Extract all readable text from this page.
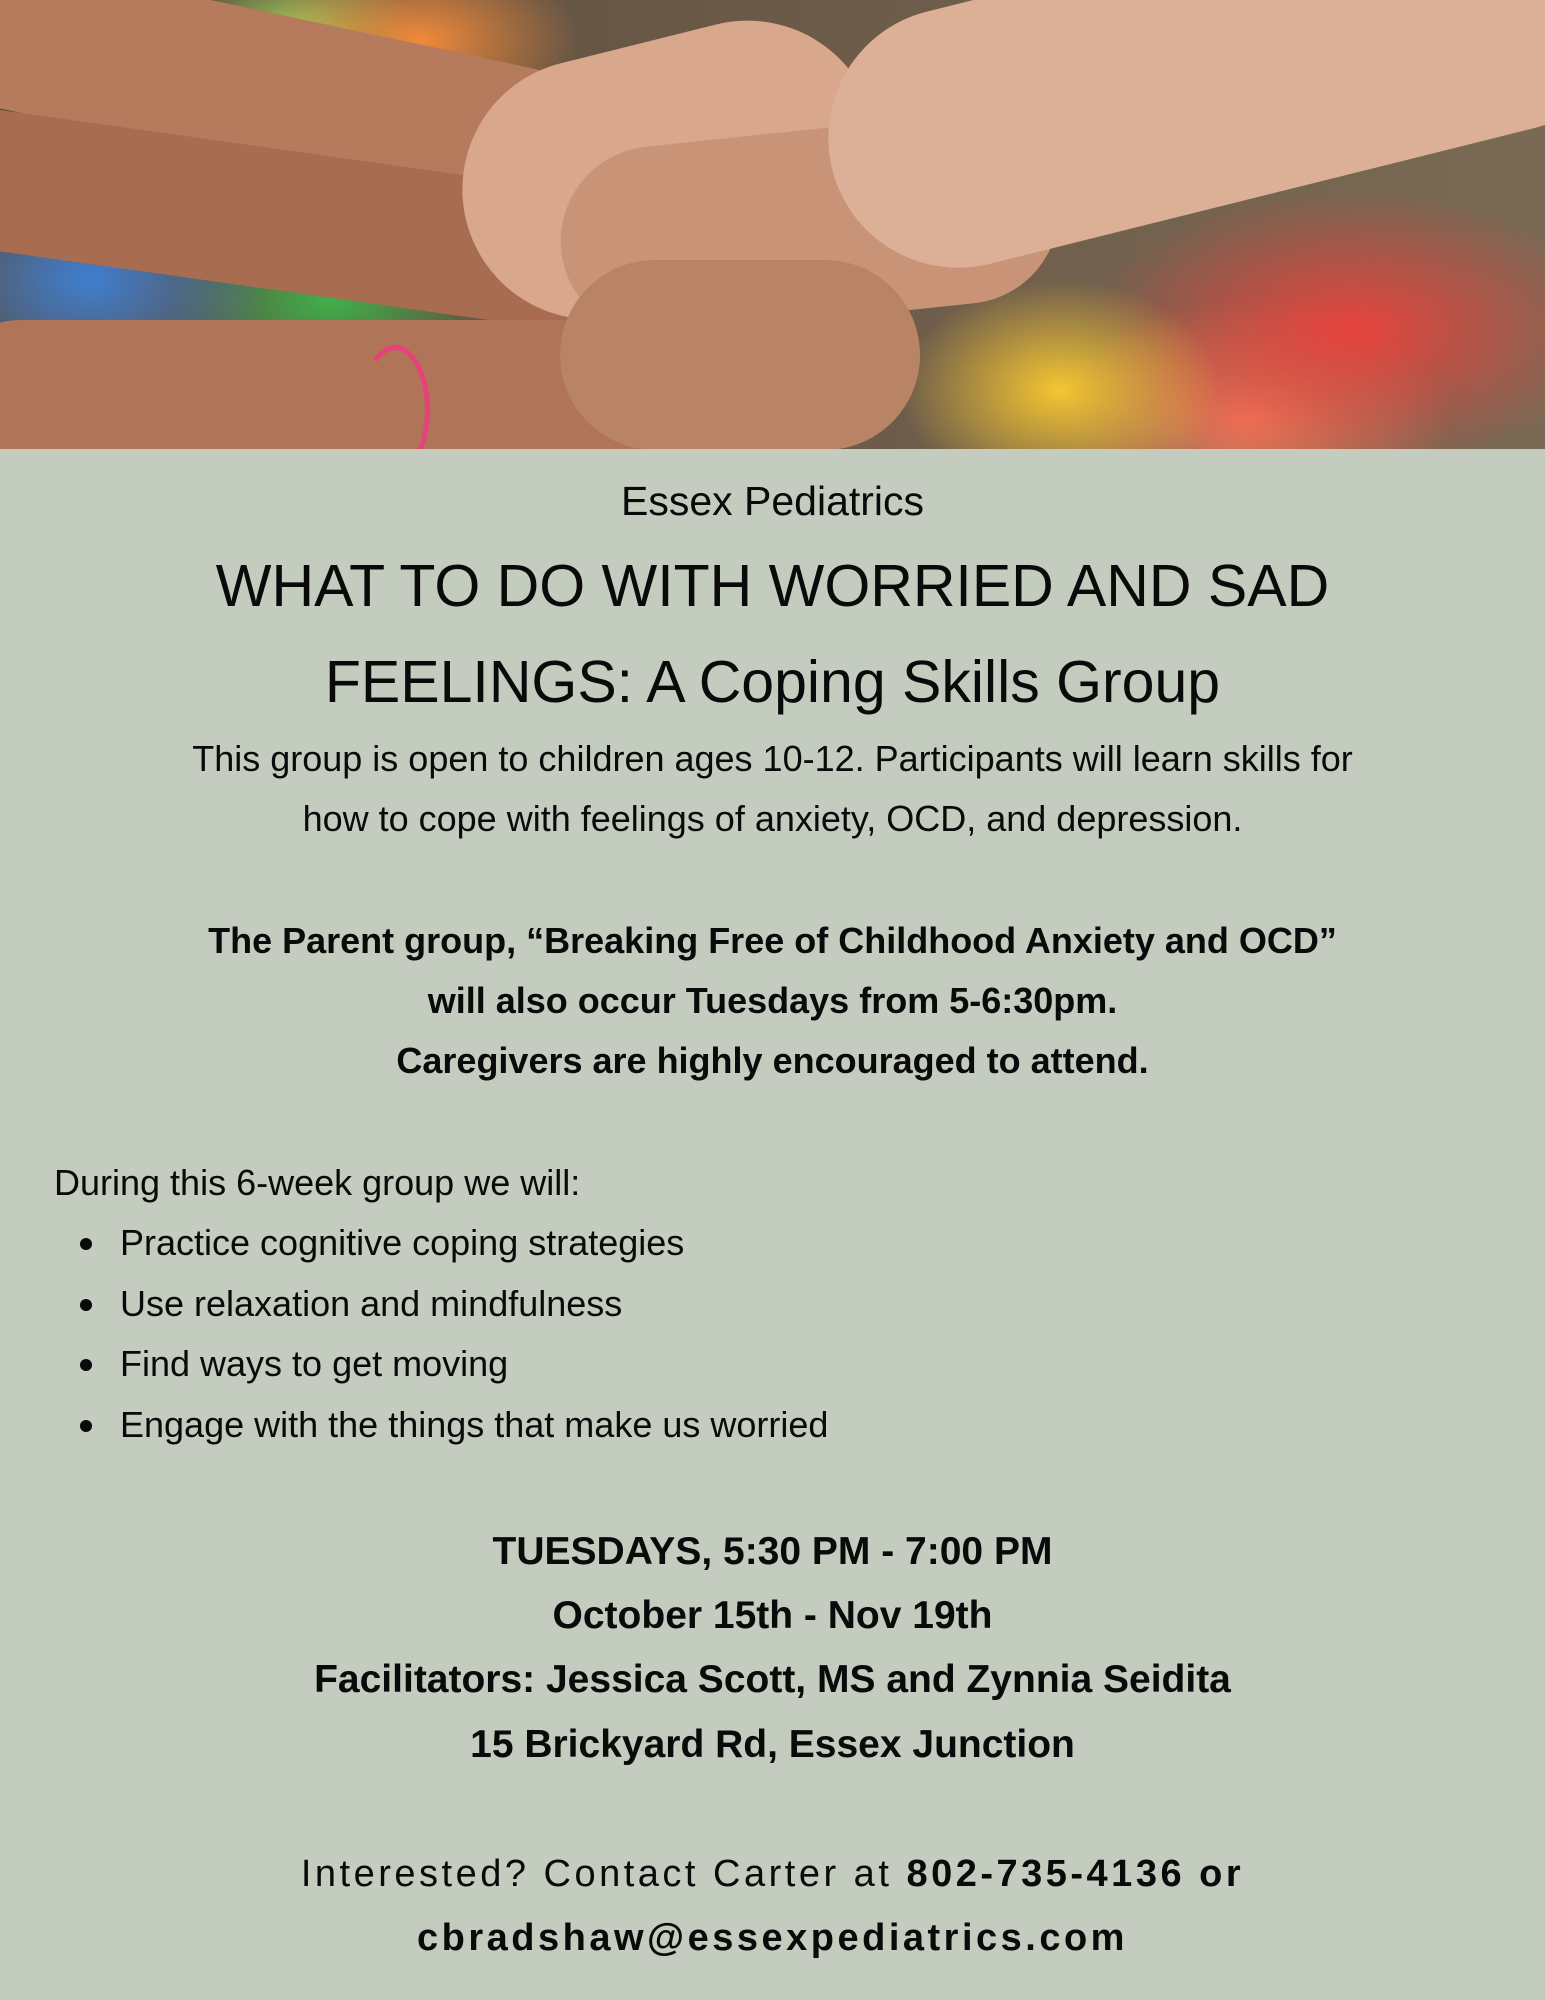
Essex Pediatrics
WHAT TO DO WITH WORRIED AND SAD
FEELINGS: A Coping Skills Group
This group is open to children ages 10-12. Participants will learn skills for
how to cope with feelings of anxiety, OCD, and depression.
The Parent group, “Breaking Free of Childhood Anxiety and OCD”
will also occur Tuesdays from 5-6:30pm.
Caregivers are highly encouraged to attend.
During this 6-week group we will:
Practice cognitive coping strategies
Use relaxation and mindfulness
Find ways to get moving
Engage with the things that make us worried
TUESDAYS, 5:30 PM - 7:00 PM
October 15th - Nov 19th
Facilitators: Jessica Scott, MS and Zynnia Seidita
15 Brickyard Rd, Essex Junction
Interested? Contact Carter at 802-735-4136 or
cbradshaw@essexpediatrics.com
